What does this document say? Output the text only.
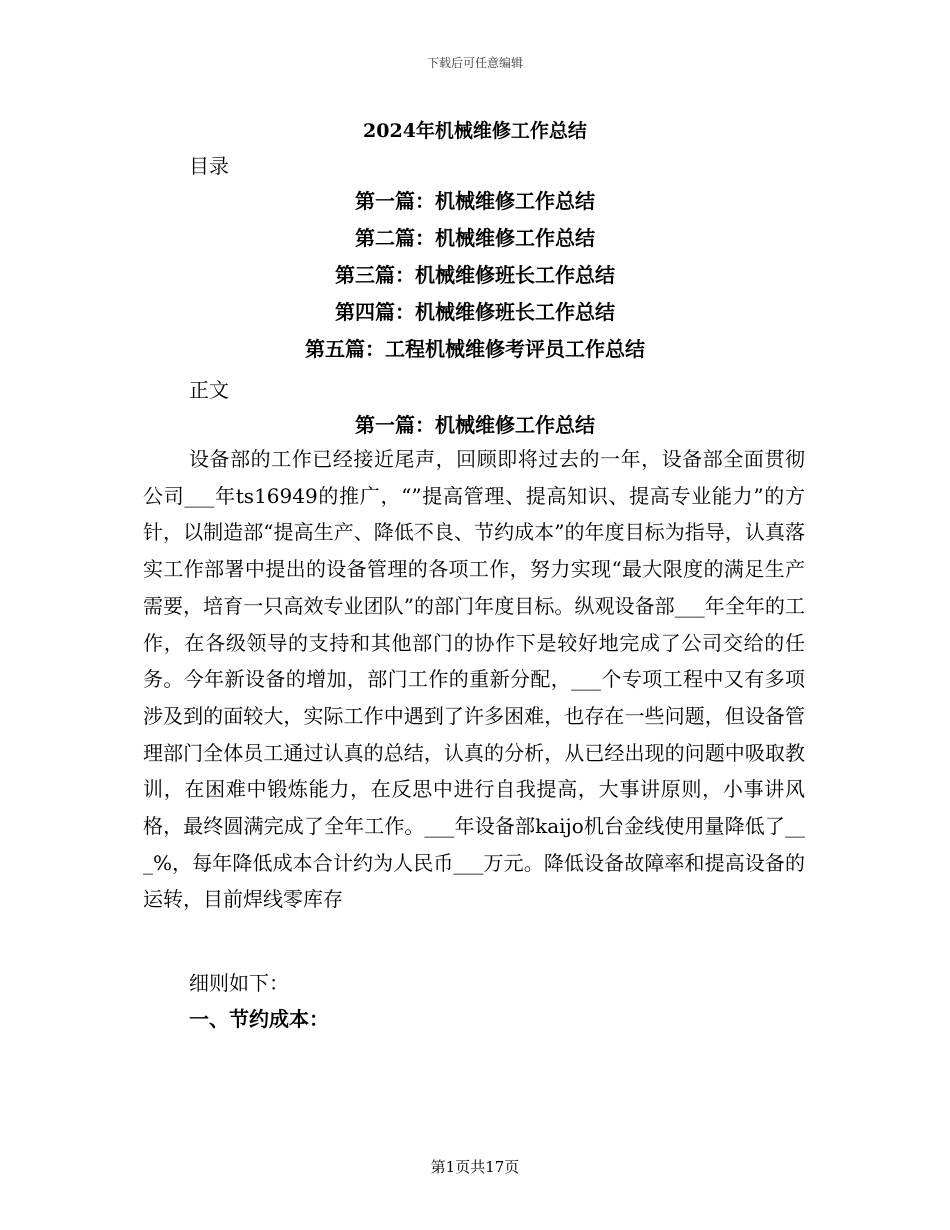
下载后可任意编辑
2024年机械维修工作总结
目录
第一篇：机械维修工作总结
第二篇：机械维修工作总结
第三篇：机械维修班长工作总结
第四篇：机械维修班长工作总结
第五篇：工程机械维修考评员工作总结
正文
第一篇：机械维修工作总结
设备部的工作已经接近尾声，回顾即将过去的一年，设备部全面贯彻公司___年ts16949的推广，“”提高管理、提高知识、提高专业能力”的方针，以制造部“提高生产、降低不良、节约成本”的年度目标为指导，认真落实工作部署中提出的设备管理的各项工作，努力实现“最大限度的满足生产需要，培育一只高效专业团队”的部门年度目标。纵观设备部___年全年的工作，在各级领导的支持和其他部门的协作下是较好地完成了公司交给的任务。今年新设备的增加，部门工作的重新分配，___个专项工程中又有多项涉及到的面较大，实际工作中遇到了许多困难，也存在一些问题，但设备管理部门全体员工通过认真的总结，认真的分析，从已经出现的问题中吸取教训，在困难中锻炼能力，在反思中进行自我提高，大事讲原则，小事讲风格，最终圆满完成了全年工作。___年设备部kaijo机台金线使用量降低了___%，每年降低成本合计约为人民币___万元。降低设备故障率和提高设备的运转，目前焊线零库存
细则如下：
一、节约成本：
第1页共17页
